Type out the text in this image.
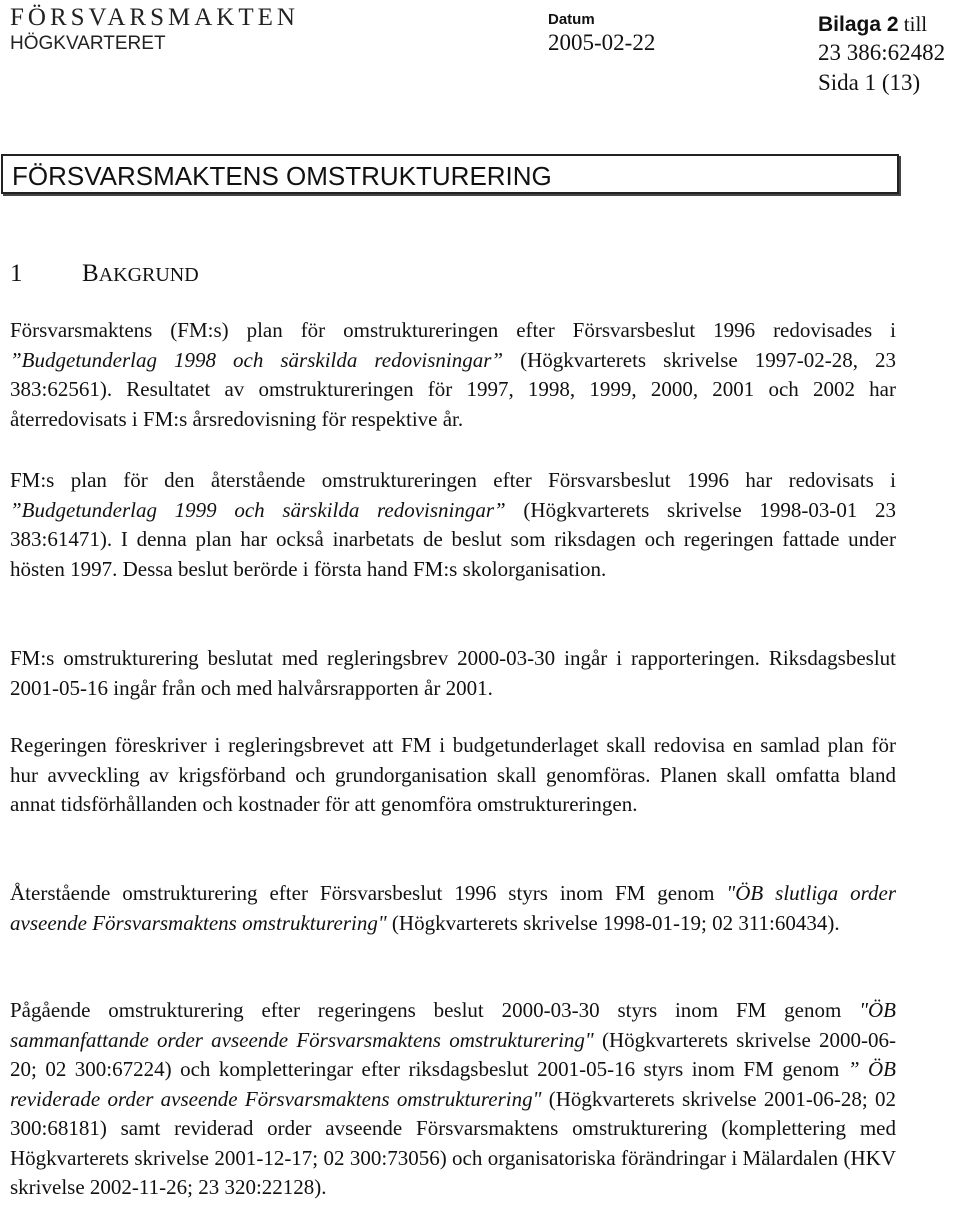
FÖRSVARSMAKTEN
HÖGKVARTERET
Datum
2005-02-22
Bilaga 2 till
23 386:62482
Sida 1 (13)
FÖRSVARSMAKTENS OMSTRUKTURERING
1 BAKGRUND

Försvarsmaktens (FM:s) plan för omstruktureringen efter Försvarsbeslut 1996 redovisades i ”Budgetunderlag 1998 och särskilda redovisningar” (Högkvarterets skrivelse 1997-02-28, 23 383:62561). Resultatet av omstruktureringen för 1997, 1998, 1999, 2000, 2001 och 2002 har återredovisats i FM:s årsredovisning för respektive år.

FM:s plan för den återstående omstruktureringen efter Försvarsbeslut 1996 har redovisats i ”Budgetunderlag 1999 och särskilda redovisningar” (Högkvarterets skrivelse 1998-03-01 23 383:61471). I denna plan har också inarbetats de beslut som riksdagen och regeringen fattade under hösten 1997. Dessa beslut berörde i första hand FM:s skolorganisation.

FM:s omstrukturering beslutat med regleringsbrev 2000-03-30 ingår i rapporteringen. Riksdagsbeslut 2001-05-16 ingår från och med halvårsrapporten år 2001.

Regeringen föreskriver i regleringsbrevet att FM i budgetunderlaget skall redovisa en samlad plan för hur avveckling av krigsförband och grundorganisation skall genomföras. Planen skall omfatta bland annat tidsförhållanden och kostnader för att genomföra omstruktureringen.

Återstående omstrukturering efter Försvarsbeslut 1996 styrs inom FM genom "ÖB slutliga order avseende Försvarsmaktens omstrukturering" (Högkvarterets skrivelse 1998-01-19; 02 311:60434).

Pågående omstrukturering efter regeringens beslut 2000-03-30 styrs inom FM genom "ÖB sammanfattande order avseende Försvarsmaktens omstrukturering" (Högkvarterets skrivelse 2000-06-20; 02 300:67224) och kompletteringar efter riksdagsbeslut 2001-05-16 styrs inom FM genom ” ÖB reviderade order avseende Försvarsmaktens omstrukturering" (Högkvarterets skrivelse 2001-06-28; 02 300:68181) samt reviderad order avseende Försvarsmaktens omstrukturering (komplettering med Högkvarterets skrivelse 2001-12-17; 02 300:73056) och organisatoriska förändringar i Mälardalen (HKV skrivelse 2002-11-26; 23 320:22128).
